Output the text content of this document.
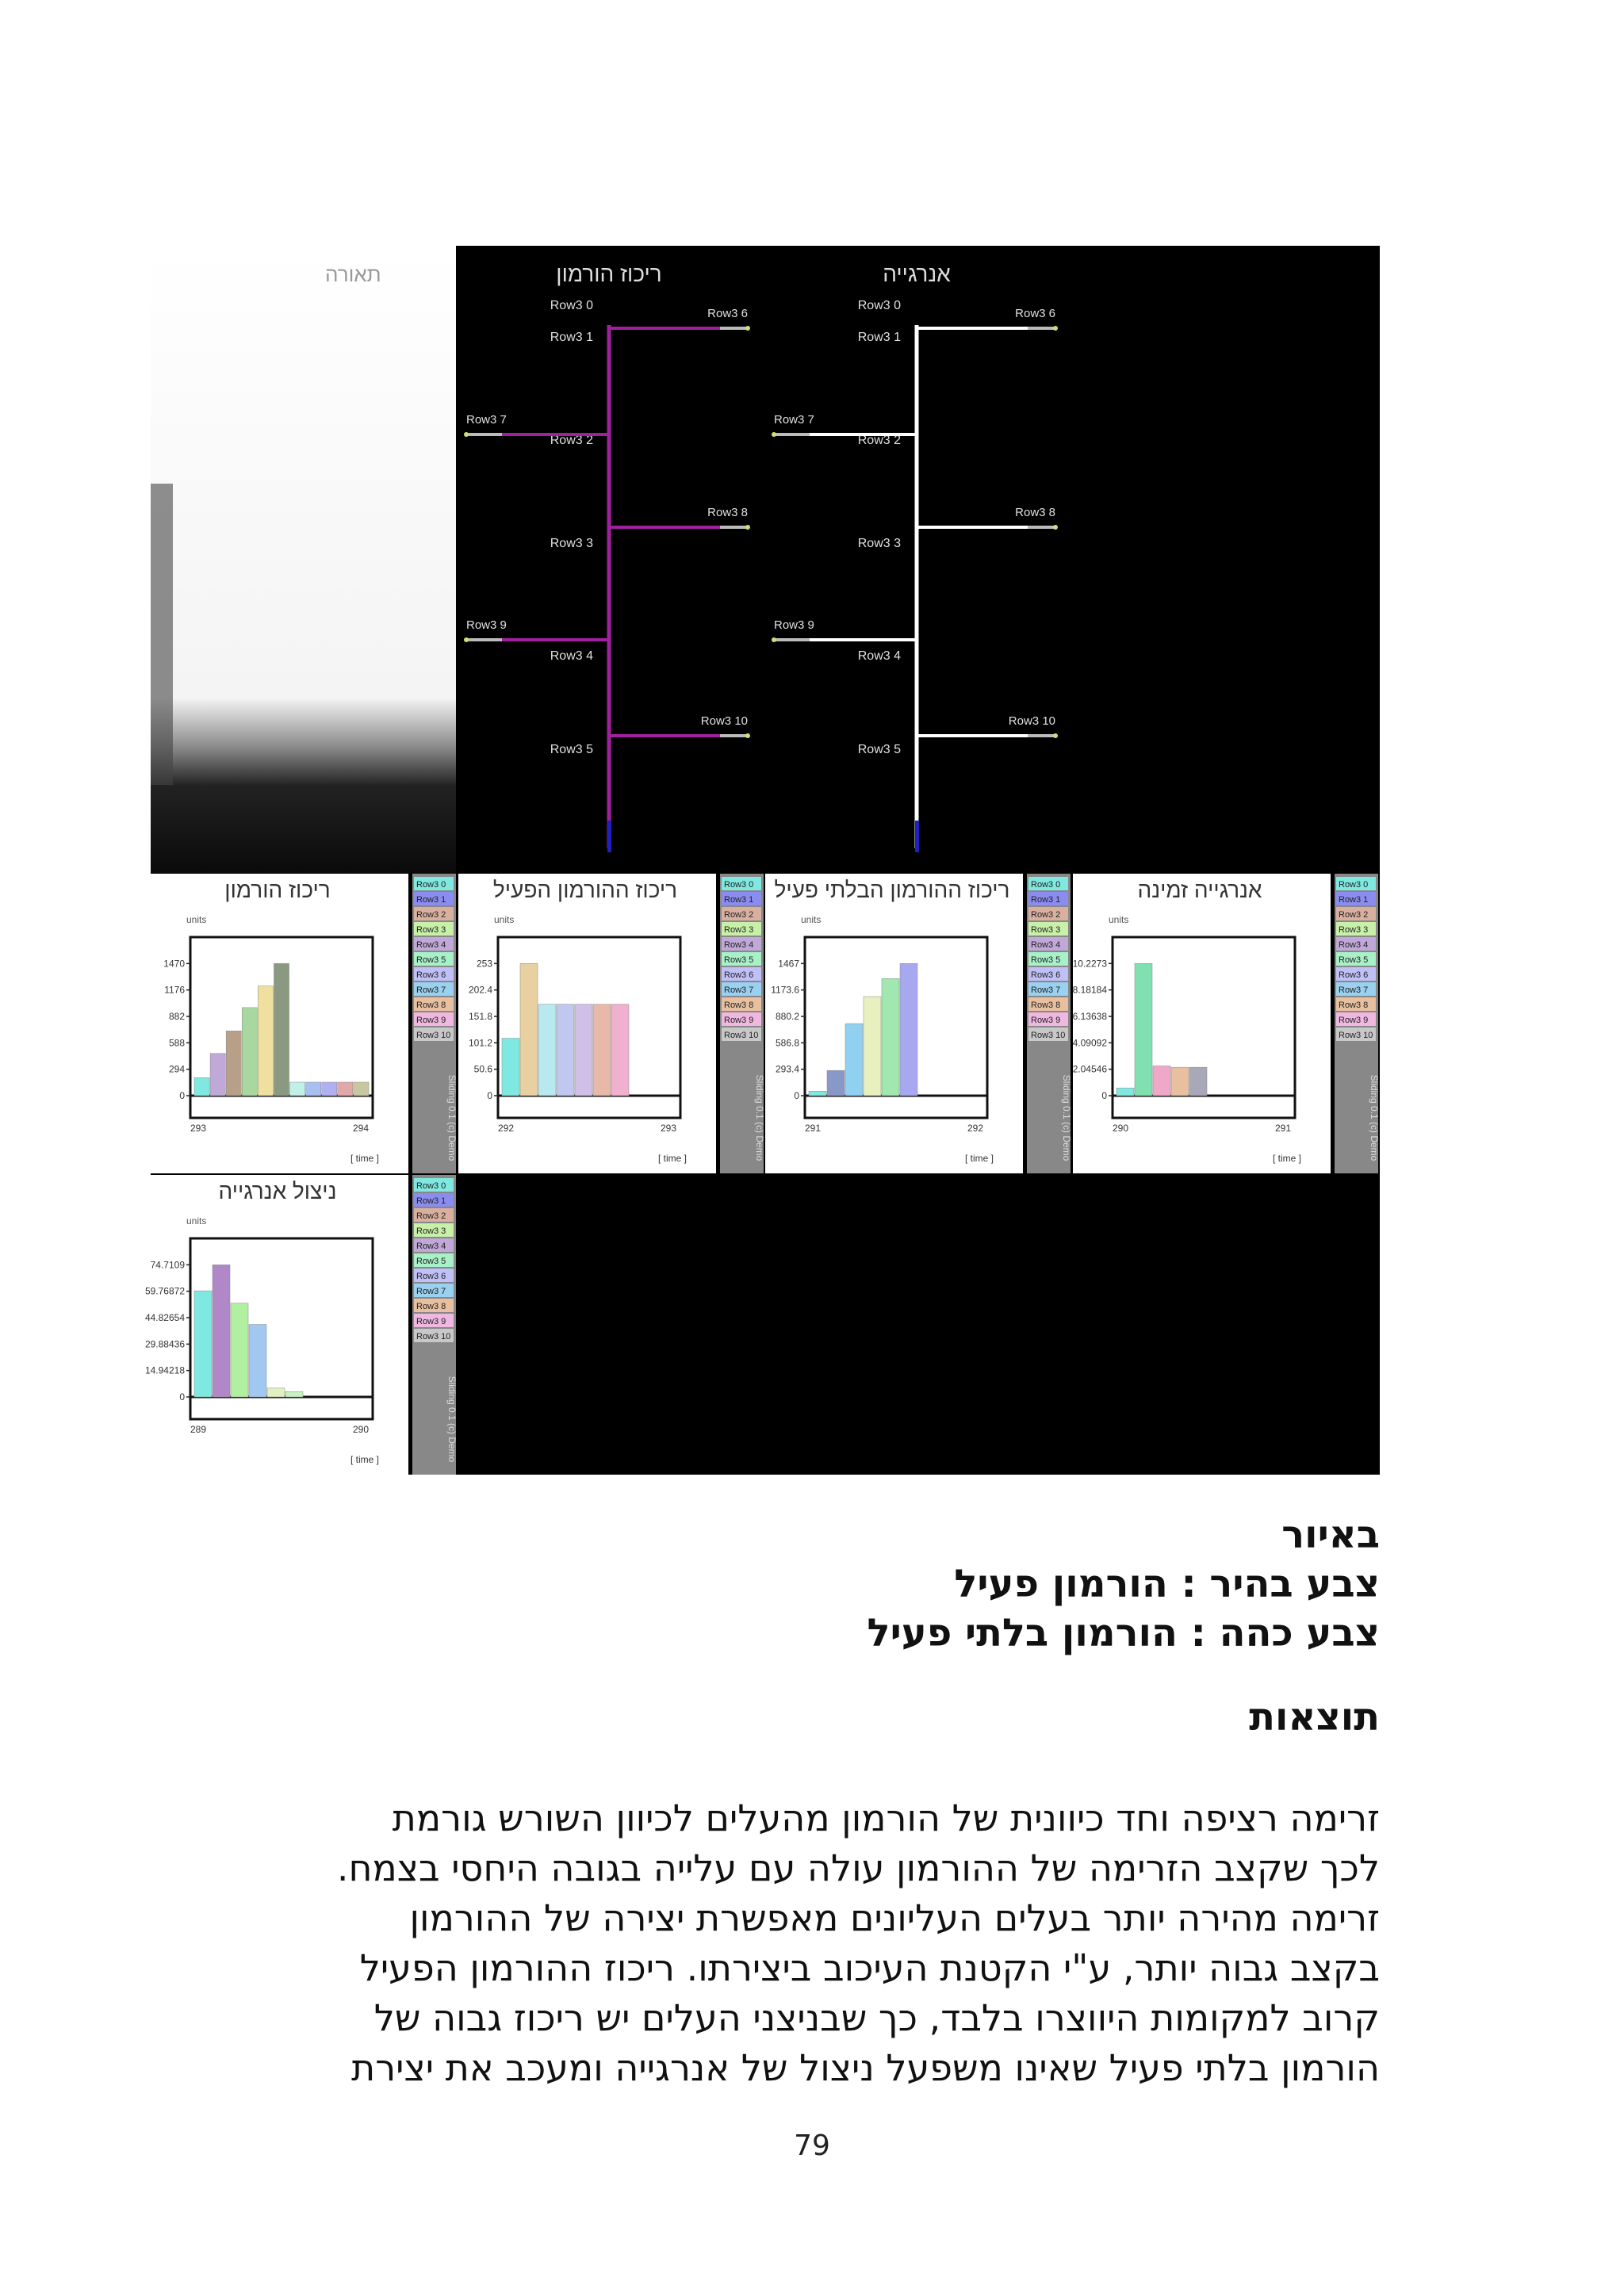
תאורה	ריכוז הורמון
Row3 0
Row3 1
Row3 2
Row3 3
Row3 4
Row3 5
Row3 6
Row3 7
Row3 8
Row3 9
Row3 10
אנרגייה
Row3 0
Row3 1
Row3 2
Row3 3
Row3 4
Row3 5
Row3 6
Row3 7
Row3 8
Row3 9
Row3 10
ריכוז הורמון
units
1470
1176
882
588
294
0
293	294
[ time ]
Row3 0
Row3 1
Row3 2
Row3 3
Row3 4
Row3 5
Row3 6
Row3 7
Row3 8
Row3 9
Row3 10
Sliding 0.1 (c) Demo
ריכוז ההורמון הפעיל
units
253
202.4
151.8
101.2
50.6
0
292	293
[ time ]
Row3 0
Row3 1
Row3 2
Row3 3
Row3 4
Row3 5
Row3 6
Row3 7
Row3 8
Row3 9
Row3 10
Sliding 0.1 (c) Demo
ריכוז ההורמון הבלתי פעיל
units
1467
1173.6
880.2
586.8
293.4
0
291	292
[ time ]
Row3 0
Row3 1
Row3 2
Row3 3
Row3 4
Row3 5
Row3 6
Row3 7
Row3 8
Row3 9
Row3 10
Sliding 0.1 (c) Demo
אנרגייה זמינה
units
10.2273
8.18184
6.13638
4.09092
2.04546
0
290	291
[ time ]
Row3 0
Row3 1
Row3 2
Row3 3
Row3 4
Row3 5
Row3 6
Row3 7
Row3 8
Row3 9
Row3 10
Sliding 0.1 (c) Demo
ניצול אנרגייה
units
74.7109
59.76872
44.82654
29.88436
14.94218
0
289	290
[ time ]
Row3 0
Row3 1
Row3 2
Row3 3
Row3 4
Row3 5
Row3 6
Row3 7
Row3 8
Row3 9
Row3 10
Sliding 0.1 (c) Demo
באיור
צבע בהיר : הורמון פעיל
צבע כהה : הורמון בלתי פעיל
תוצאות
זרימה רציפה וחד כיוונית של הורמון מהעלים לכיוון השורש גורמת
לכך שקצב הזרימה של ההורמון עולה עם עלייה בגובה היחסי בצמח.
זרימה מהירה יותר בעלים העליונים מאפשרת יצירה של ההורמון
בקצב גבוה יותר, ע"י הקטנת העיכוב ביצירתו. ריכוז ההורמון הפעיל
קרוב למקומות היווצרו בלבד, כך שבניצני העלים יש ריכוז גבוה של
הורמון בלתי פעיל שאינו משפעל ניצול של אנרגייה ומעכב את יצירת
79
